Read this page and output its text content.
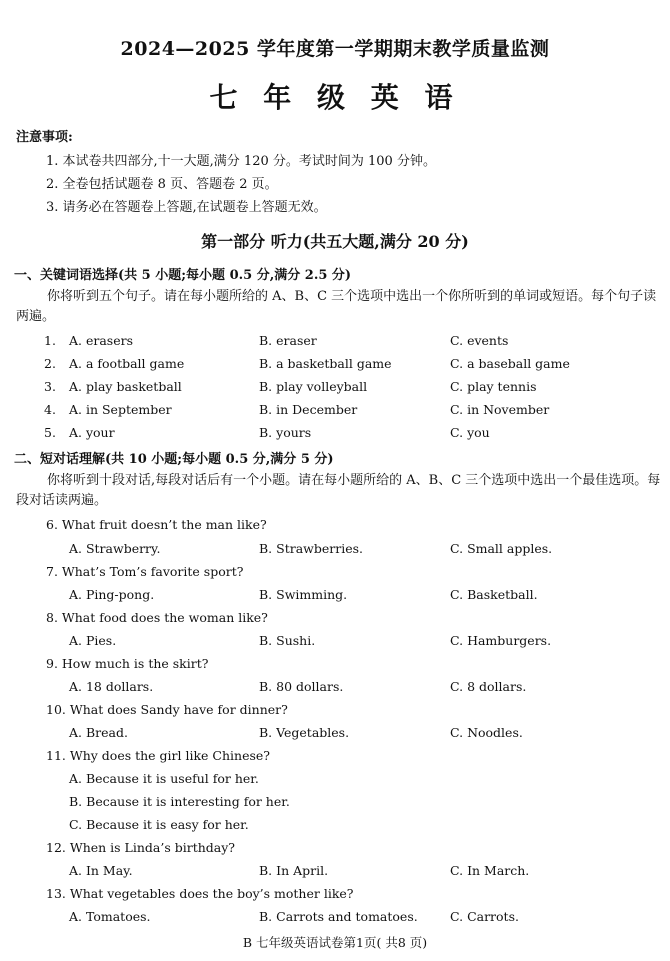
2024—2025 学年度第一学期期末教学质量监测
七 年 级 英 语
注意事项:
1. 本试卷共四部分,十一大题,满分 120 分。考试时间为 100 分钟。
2. 全卷包括试题卷 8 页、答题卷 2 页。
3. 请务必在答题卷上答题,在试题卷上答题无效。
第一部分 听力(共五大题,满分 20 分)
一、关键词语选择(共 5 小题;每小题 0.5 分,满分 2.5 分)
你将听到五个句子。请在每小题所给的 A、B、C 三个选项中选出一个你所听到的单词或短语。每个句子读两遍。
1. A. erasers	B. eraser	C. events
2. A. a football game	B. a basketball game	C. a baseball game
3. A. play basketball	B. play volleyball	C. play tennis
4. A. in September	B. in December	C. in November
5. A. your	B. yours	C. you
二、短对话理解(共 10 小题;每小题 0.5 分,满分 5 分)
你将听到十段对话,每段对话后有一个小题。请在每小题所给的 A、B、C 三个选项中选出一个最佳选项。每段对话读两遍。
6. What fruit doesn’t the man like?
A. Strawberry.	B. Strawberries.	C. Small apples.
7. What’s Tom’s favorite sport?
A. Ping-pong.	B. Swimming.	C. Basketball.
8. What food does the woman like?
A. Pies.	B. Sushi.	C. Hamburgers.
9. How much is the skirt?
A. 18 dollars.	B. 80 dollars.	C. 8 dollars.
10. What does Sandy have for dinner?
A. Bread.	B. Vegetables.	C. Noodles.
11. Why does the girl like Chinese?
A. Because it is useful for her.
B. Because it is interesting for her.
C. Because it is easy for her.
12. When is Linda’s birthday?
A. In May.	B. In April.	C. In March.
13. What vegetables does the boy’s mother like?
A. Tomatoes.	B. Carrots and tomatoes.	C. Carrots.
B 七年级英语试卷第1页( 共8 页)
